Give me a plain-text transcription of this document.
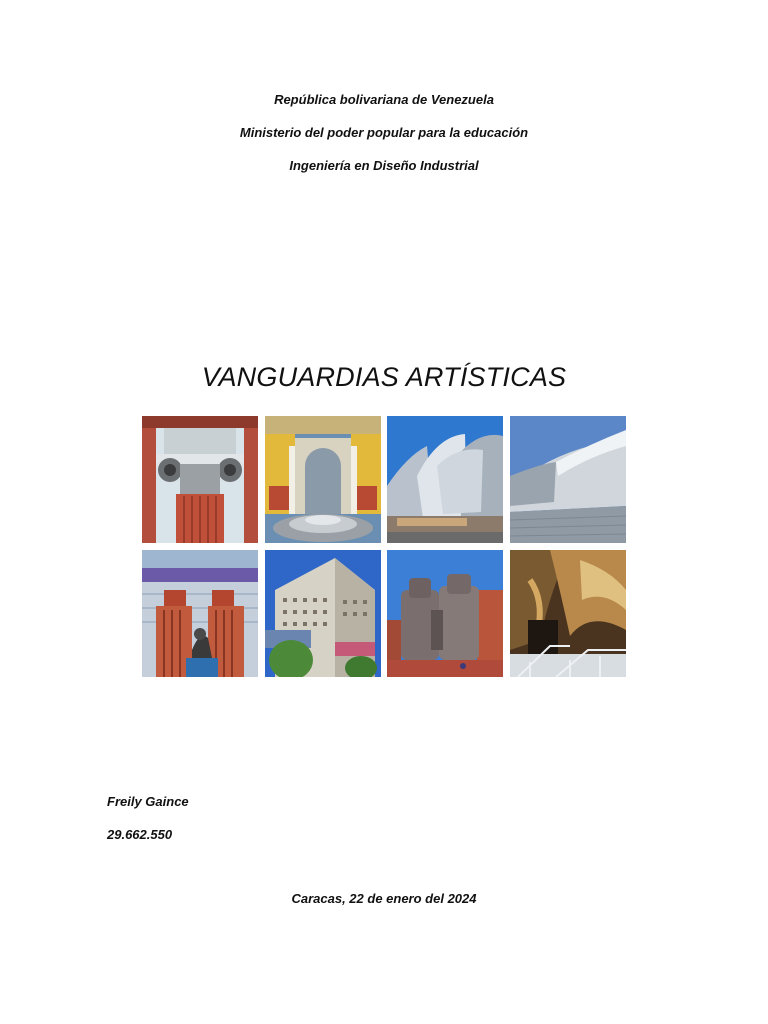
República bolivariana de Venezuela
Ministerio del poder popular para la educación
Ingeniería en Diseño Industrial
VANGUARDIAS ARTÍSTICAS
Freily Gaince
29.662.550
Caracas, 22 de enero del 2024
